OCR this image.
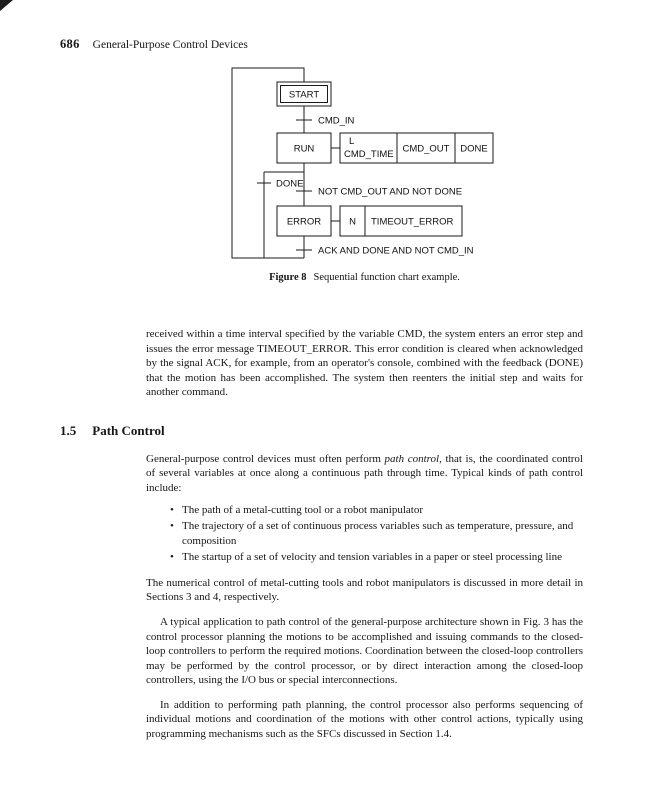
686 General-Purpose Control Devices
START
RUN
ERROR
CMD_IN
DONE
NOT CMD_OUT AND NOT DONE
ACK AND DONE AND NOT CMD_IN
L
CMD_TIME CMD_OUT DONE
N TIMEOUT_ERROR
Figure 8 Sequential function chart example.

received within a time interval specified by the variable CMD, the system enters an error step and issues the error message TIMEOUT_ERROR. This error condition is cleared when acknowledged by the signal ACK, for example, from an operator's console, combined with the feedback (DONE) that the motion has been accomplished. The system then reenters the initial step and waits for another command.

1.5 Path Control

General-purpose control devices must often perform path control, that is, the coordinated control of several variables at once along a continuous path through time. Typical kinds of path control include:

• The path of a metal-cutting tool or a robot manipulator
• The trajectory of a set of continuous process variables such as temperature, pressure, and composition
• The startup of a set of velocity and tension variables in a paper or steel processing line

The numerical control of metal-cutting tools and robot manipulators is discussed in more detail in Sections 3 and 4, respectively.

A typical application to path control of the general-purpose architecture shown in Fig. 3 has the control processor planning the motions to be accomplished and issuing commands to the closed-loop controllers to perform the required motions. Coordination between the closed-loop controllers may be performed by the control processor, or by direct interaction among the closed-loop controllers, using the I/O bus or special interconnections.

In addition to performing path planning, the control processor also performs sequencing of individual motions and coordination of the motions with other control actions, typically using programming mechanisms such as the SFCs discussed in Section 1.4.
